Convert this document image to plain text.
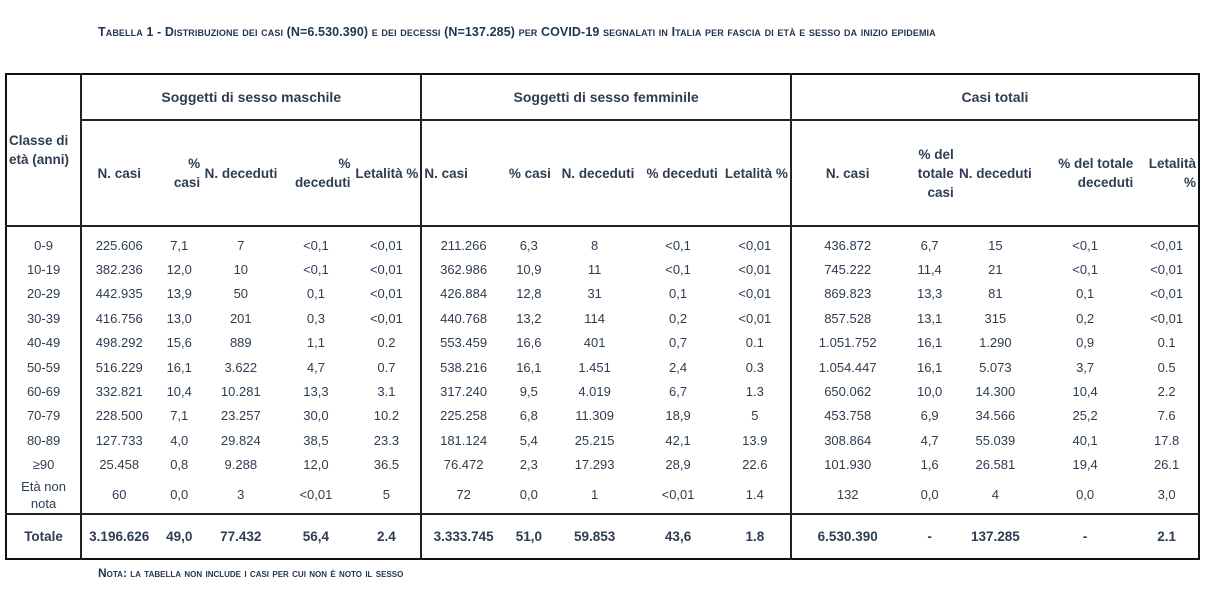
Tabella 1 - Distribuzione dei casi (N=6.530.390) e dei decessi (N=137.285) per COVID-19 segnalati in Italia per fascia di età e sesso da inizio epidemia
Classe di età (anni)	Soggetti di sesso maschile					Soggetti di sesso femminile					Casi totali				
	N. casi	% casi	N. deceduti	% deceduti	Letalità %	N. casi	% casi	N. deceduti	% deceduti	Letalità %	N. casi	% del totale casi	N. deceduti	% del totale deceduti	Letalità %
0-9	225.606	7,1	7	<0,1	<0,01	211.266	6,3	8	<0,1	<0,01	436.872	6,7	15	<0,1	<0,01
10-19	382.236	12,0	10	<0,1	<0,01	362.986	10,9	11	<0,1	<0,01	745.222	11,4	21	<0,1	<0,01
20-29	442.935	13,9	50	0,1	<0,01	426.884	12,8	31	0,1	<0,01	869.823	13,3	81	0,1	<0,01
30-39	416.756	13,0	201	0,3	<0,01	440.768	13,2	114	0,2	<0,01	857.528	13,1	315	0,2	<0,01
40-49	498.292	15,6	889	1,1	0.2	553.459	16,6	401	0,7	0.1	1.051.752	16,1	1.290	0,9	0.1
50-59	516.229	16,1	3.622	4,7	0.7	538.216	16,1	1.451	2,4	0.3	1.054.447	16,1	5.073	3,7	0.5
60-69	332.821	10,4	10.281	13,3	3.1	317.240	9,5	4.019	6,7	1.3	650.062	10,0	14.300	10,4	2.2
70-79	228.500	7,1	23.257	30,0	10.2	225.258	6,8	11.309	18,9	5	453.758	6,9	34.566	25,2	7.6
80-89	127.733	4,0	29.824	38,5	23.3	181.124	5,4	25.215	42,1	13.9	308.864	4,7	55.039	40,1	17.8
≥90	25.458	0,8	9.288	12,0	36.5	76.472	2,3	17.293	28,9	22.6	101.930	1,6	26.581	19,4	26.1
Età non nota	60	0,0	3	<0,01	5	72	0,0	1	<0,01	1.4	132	0,0	4	0,0	3,0
Totale	3.196.626	49,0	77.432	56,4	2.4	3.333.745	51,0	59.853	43,6	1.8	6.530.390	-	137.285	-	2.1
Nota: la tabella non include i casi per cui non è noto il sesso
